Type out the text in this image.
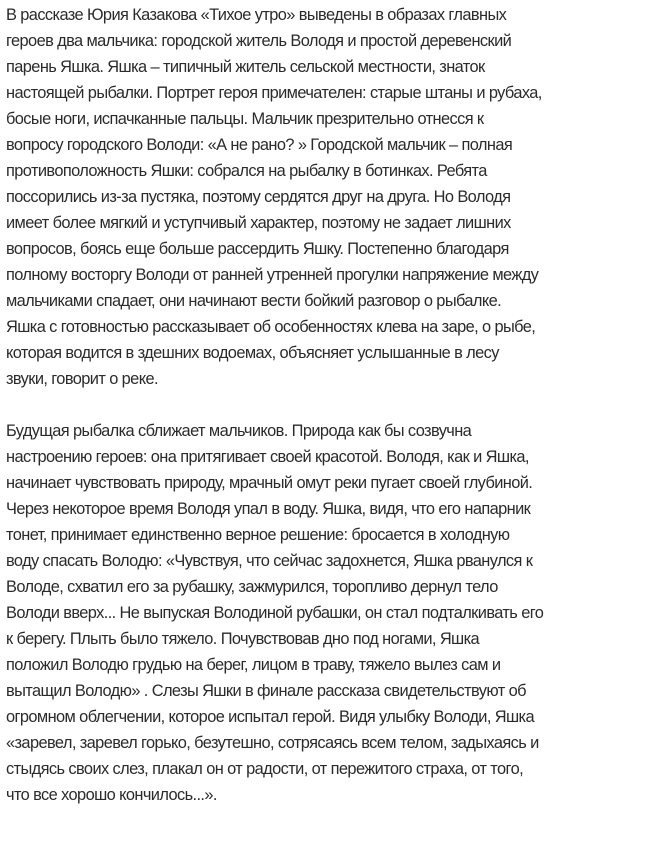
В рассказе Юрия Казакова «Тихое утро» выведены в образах главных
героев два мальчика: городской житель Володя и простой деревенский
парень Яшка. Яшка – типичный житель сельской местности, знаток
настоящей рыбалки. Портрет героя примечателен: старые штаны и рубаха,
босые ноги, испачканные пальцы. Мальчик презрительно отнесся к
вопросу городского Володи: «А не рано? » Городской мальчик – полная
противоположность Яшки: собрался на рыбалку в ботинках. Ребята
поссорились из-за пустяка, поэтому сердятся друг на друга. Но Володя
имеет более мягкий и уступчивый характер, поэтому не задает лишних
вопросов, боясь еще больше рассердить Яшку. Постепенно благодаря
полному восторгу Володи от ранней утренней прогулки напряжение между
мальчиками спадает, они начинают вести бойкий разговор о рыбалке.
Яшка с готовностью рассказывает об особенностях клева на заре, о рыбе,
которая водится в здешних водоемах, объясняет услышанные в лесу
звуки, говорит о реке.

Будущая рыбалка сближает мальчиков. Природа как бы созвучна
настроению героев: она притягивает своей красотой. Володя, как и Яшка,
начинает чувствовать природу, мрачный омут реки пугает своей глубиной.
Через некоторое время Володя упал в воду. Яшка, видя, что его напарник
тонет, принимает единственно верное решение: бросается в холодную
воду спасать Володю: «Чувствуя, что сейчас задохнется, Яшка рванулся к
Володе, схватил его за рубашку, зажмурился, торопливо дернул тело
Володи вверх... Не выпуская Володиной рубашки, он стал подталкивать его
к берегу. Плыть было тяжело. Почувствовав дно под ногами, Яшка
положил Володю грудью на берег, лицом в траву, тяжело вылез сам и
вытащил Володю» . Слезы Яшки в финале рассказа свидетельствуют об
огромном облегчении, которое испытал герой. Видя улыбку Володи, Яшка
«заревел, заревел горько, безутешно, сотрясаясь всем телом, задыхаясь и
стыдясь своих слез, плакал он от радости, от пережитого страха, от того,
что все хорошо кончилось...».
